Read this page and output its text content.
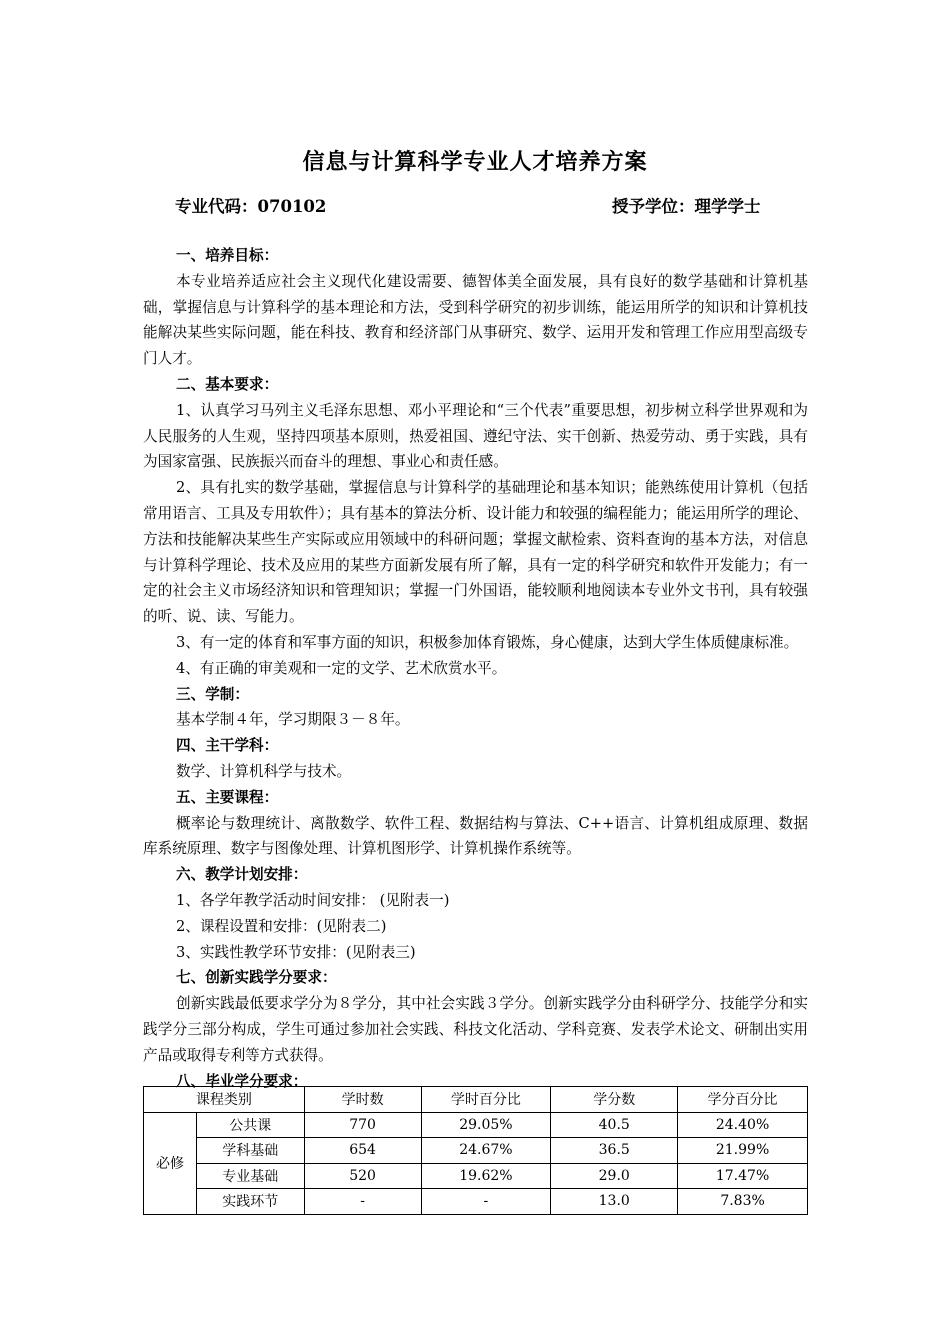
信息与计算科学专业人才培养方案
专业代码：070102	授予学位：理学学士

一、培养目标：

本专业培养适应社会主义现代化建设需要、德智体美全面发展，具有良好的数学基础和计算机基础，掌握信息与计算科学的基本理论和方法，受到科学研究的初步训练，能运用所学的知识和计算机技能解决某些实际问题，能在科技、教育和经济部门从事研究、数学、运用开发和管理工作应用型高级专门人才。

二、基本要求：

1、认真学习马列主义毛泽东思想、邓小平理论和“三个代表”重要思想，初步树立科学世界观和为人民服务的人生观，坚持四项基本原则，热爱祖国、遵纪守法、实干创新、热爱劳动、勇于实践，具有为国家富强、民族振兴而奋斗的理想、事业心和责任感。

2、具有扎实的数学基础，掌握信息与计算科学的基础理论和基本知识；能熟练使用计算机（包括常用语言、工具及专用软件）；具有基本的算法分析、设计能力和较强的编程能力；能运用所学的理论、方法和技能解决某些生产实际或应用领域中的科研问题；掌握文献检索、资料查询的基本方法，对信息与计算科学理论、技术及应用的某些方面新发展有所了解，具有一定的科学研究和软件开发能力；有一定的社会主义市场经济知识和管理知识；掌握一门外国语，能较顺利地阅读本专业外文书刊，具有较强的听、说、读、写能力。

3、有一定的体育和军事方面的知识，积极参加体育锻炼，身心健康，达到大学生体质健康标准。

4、有正确的审美观和一定的文学、艺术欣赏水平。

三、学制：

基本学制４年，学习期限３－８年。

四、主干学科：

数学、计算机科学与技术。

五、主要课程：

概率论与数理统计、离散数学、软件工程、数据结构与算法、C++语言、计算机组成原理、数据库系统原理、数字与图像处理、计算机图形学、计算机操作系统等。

六、教学计划安排：

1、各学年教学活动时间安排： (见附表一)

2、课程设置和安排：(见附表二)

3、实践性教学环节安排：(见附表三)

七、创新实践学分要求：

创新实践最低要求学分为８学分，其中社会实践３学分。创新实践学分由科研学分、技能学分和实践学分三部分构成，学生可通过参加社会实践、科技文化活动、学科竞赛、发表学术论文、研制出实用产品或取得专利等方式获得。

八、毕业学分要求：

课程类别		学时数	学时百分比	学分数	学分百分比
必修	公共课	770	29.05%	40.5	24.40%
	学科基础	654	24.67%	36.5	21.99%
	专业基础	520	19.62%	29.0	17.47%
	实践环节	-	-	13.0	7.83%
